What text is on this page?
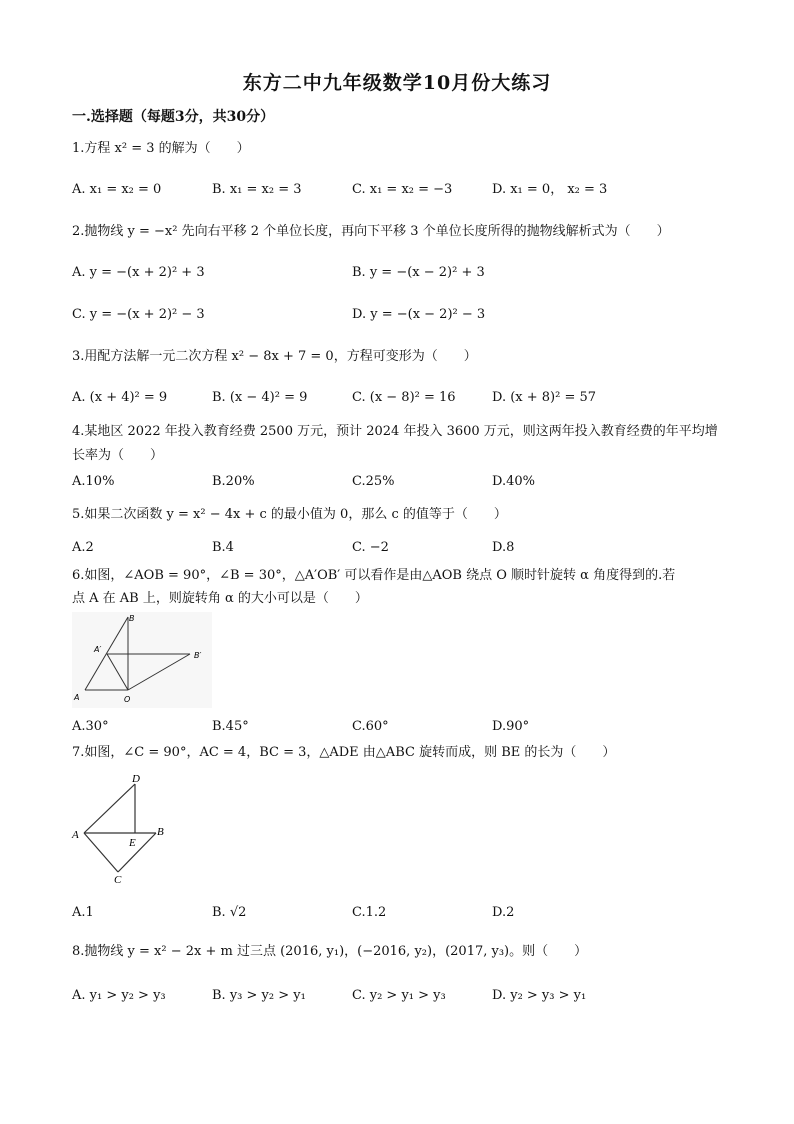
东方二中九年级数学10月份大练习
一.选择题（每题3分，共30分）
1.方程 x² = 3 的解为（　　）
A. x₁ = x₂ = 0	B. x₁ = x₂ = 3	C. x₁ = x₂ = −3	D. x₁ = 0， x₂ = 3
2.抛物线 y = −x² 先向右平移 2 个单位长度，再向下平移 3 个单位长度所得的抛物线解析式为（　　）
A. y = −(x + 2)² + 3	B. y = −(x − 2)² + 3
C. y = −(x + 2)² − 3	D. y = −(x − 2)² − 3
3.用配方法解一元二次方程 x² − 8x + 7 = 0，方程可变形为（　　）
A. (x + 4)² = 9	B. (x − 4)² = 9	C. (x − 8)² = 16	D. (x + 8)² = 57
4.某地区 2022 年投入教育经费 2500 万元，预计 2024 年投入 3600 万元，则这两年投入教育经费的年平均增
长率为（　　）
A.10%	B.20%	C.25%	D.40%
5.如果二次函数 y = x² − 4x + c 的最小值为 0，那么 c 的值等于（　　）
A.2	B.4	C. −2	D.8
6.如图，∠AOB = 90°，∠B = 30°，△A′OB′ 可以看作是由△AOB 绕点 O 顺时针旋转 α 角度得到的.若
点 A 在 AB 上，则旋转角 α 的大小可以是（　　）
B
A′
B′
A	O
A.30°	B.45°	C.60°	D.90°
7.如图，∠C = 90°，AC = 4，BC = 3，△ADE 由△ABC 旋转而成，则 BE 的长为（　　）
D
A	B
E
C
A.1	B. √2	C.1.2	D.2
8.抛物线 y = x² − 2x + m 过三点 (2016, y₁)，(−2016, y₂)，(2017, y₃)。则（　　）
A. y₁ > y₂ > y₃	B. y₃ > y₂ > y₁	C. y₂ > y₁ > y₃	D. y₂ > y₃ > y₁
